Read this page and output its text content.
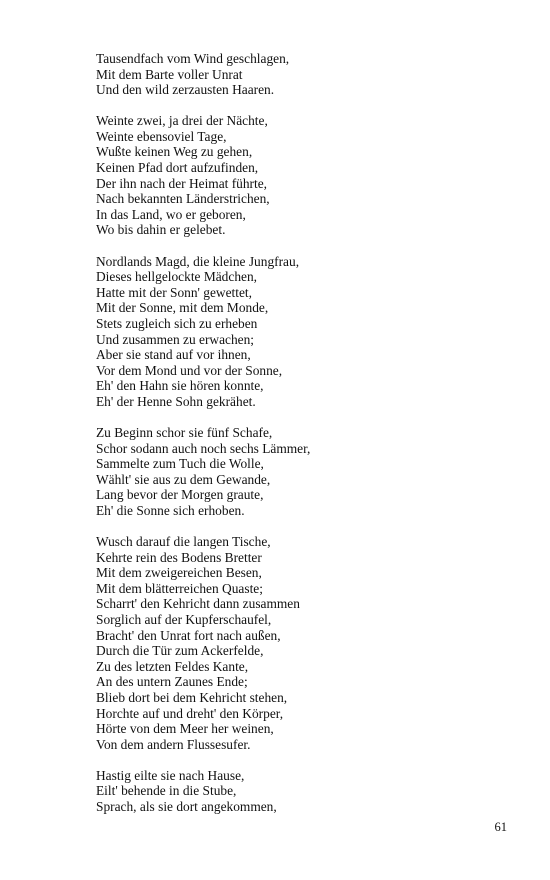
Tausendfach vom Wind geschlagen,
Mit dem Barte voller Unrat
Und den wild zerzausten Haaren.
Weinte zwei, ja drei der Nächte,
Weinte ebensoviel Tage,
Wußte keinen Weg zu gehen,
Keinen Pfad dort aufzufinden,
Der ihn nach der Heimat führte,
Nach bekannten Länderstrichen,
In das Land, wo er geboren,
Wo bis dahin er gelebet.
Nordlands Magd, die kleine Jungfrau,
Dieses hellgelockte Mädchen,
Hatte mit der Sonn' gewettet,
Mit der Sonne, mit dem Monde,
Stets zugleich sich zu erheben
Und zusammen zu erwachen;
Aber sie stand auf vor ihnen,
Vor dem Mond und vor der Sonne,
Eh' den Hahn sie hören konnte,
Eh' der Henne Sohn gekrähet.
Zu Beginn schor sie fünf Schafe,
Schor sodann auch noch sechs Lämmer,
Sammelte zum Tuch die Wolle,
Wählt' sie aus zu dem Gewande,
Lang bevor der Morgen graute,
Eh' die Sonne sich erhoben.
Wusch darauf die langen Tische,
Kehrte rein des Bodens Bretter
Mit dem zweigereichen Besen,
Mit dem blätterreichen Quaste;
Scharrt' den Kehricht dann zusammen
Sorglich auf der Kupferschaufel,
Bracht' den Unrat fort nach außen,
Durch die Tür zum Ackerfelde,
Zu des letzten Feldes Kante,
An des untern Zaunes Ende;
Blieb dort bei dem Kehricht stehen,
Horchte auf und dreht' den Körper,
Hörte von dem Meer her weinen,
Von dem andern Flussesufer.
Hastig eilte sie nach Hause,
Eilt' behende in die Stube,
Sprach, als sie dort angekommen,
61
